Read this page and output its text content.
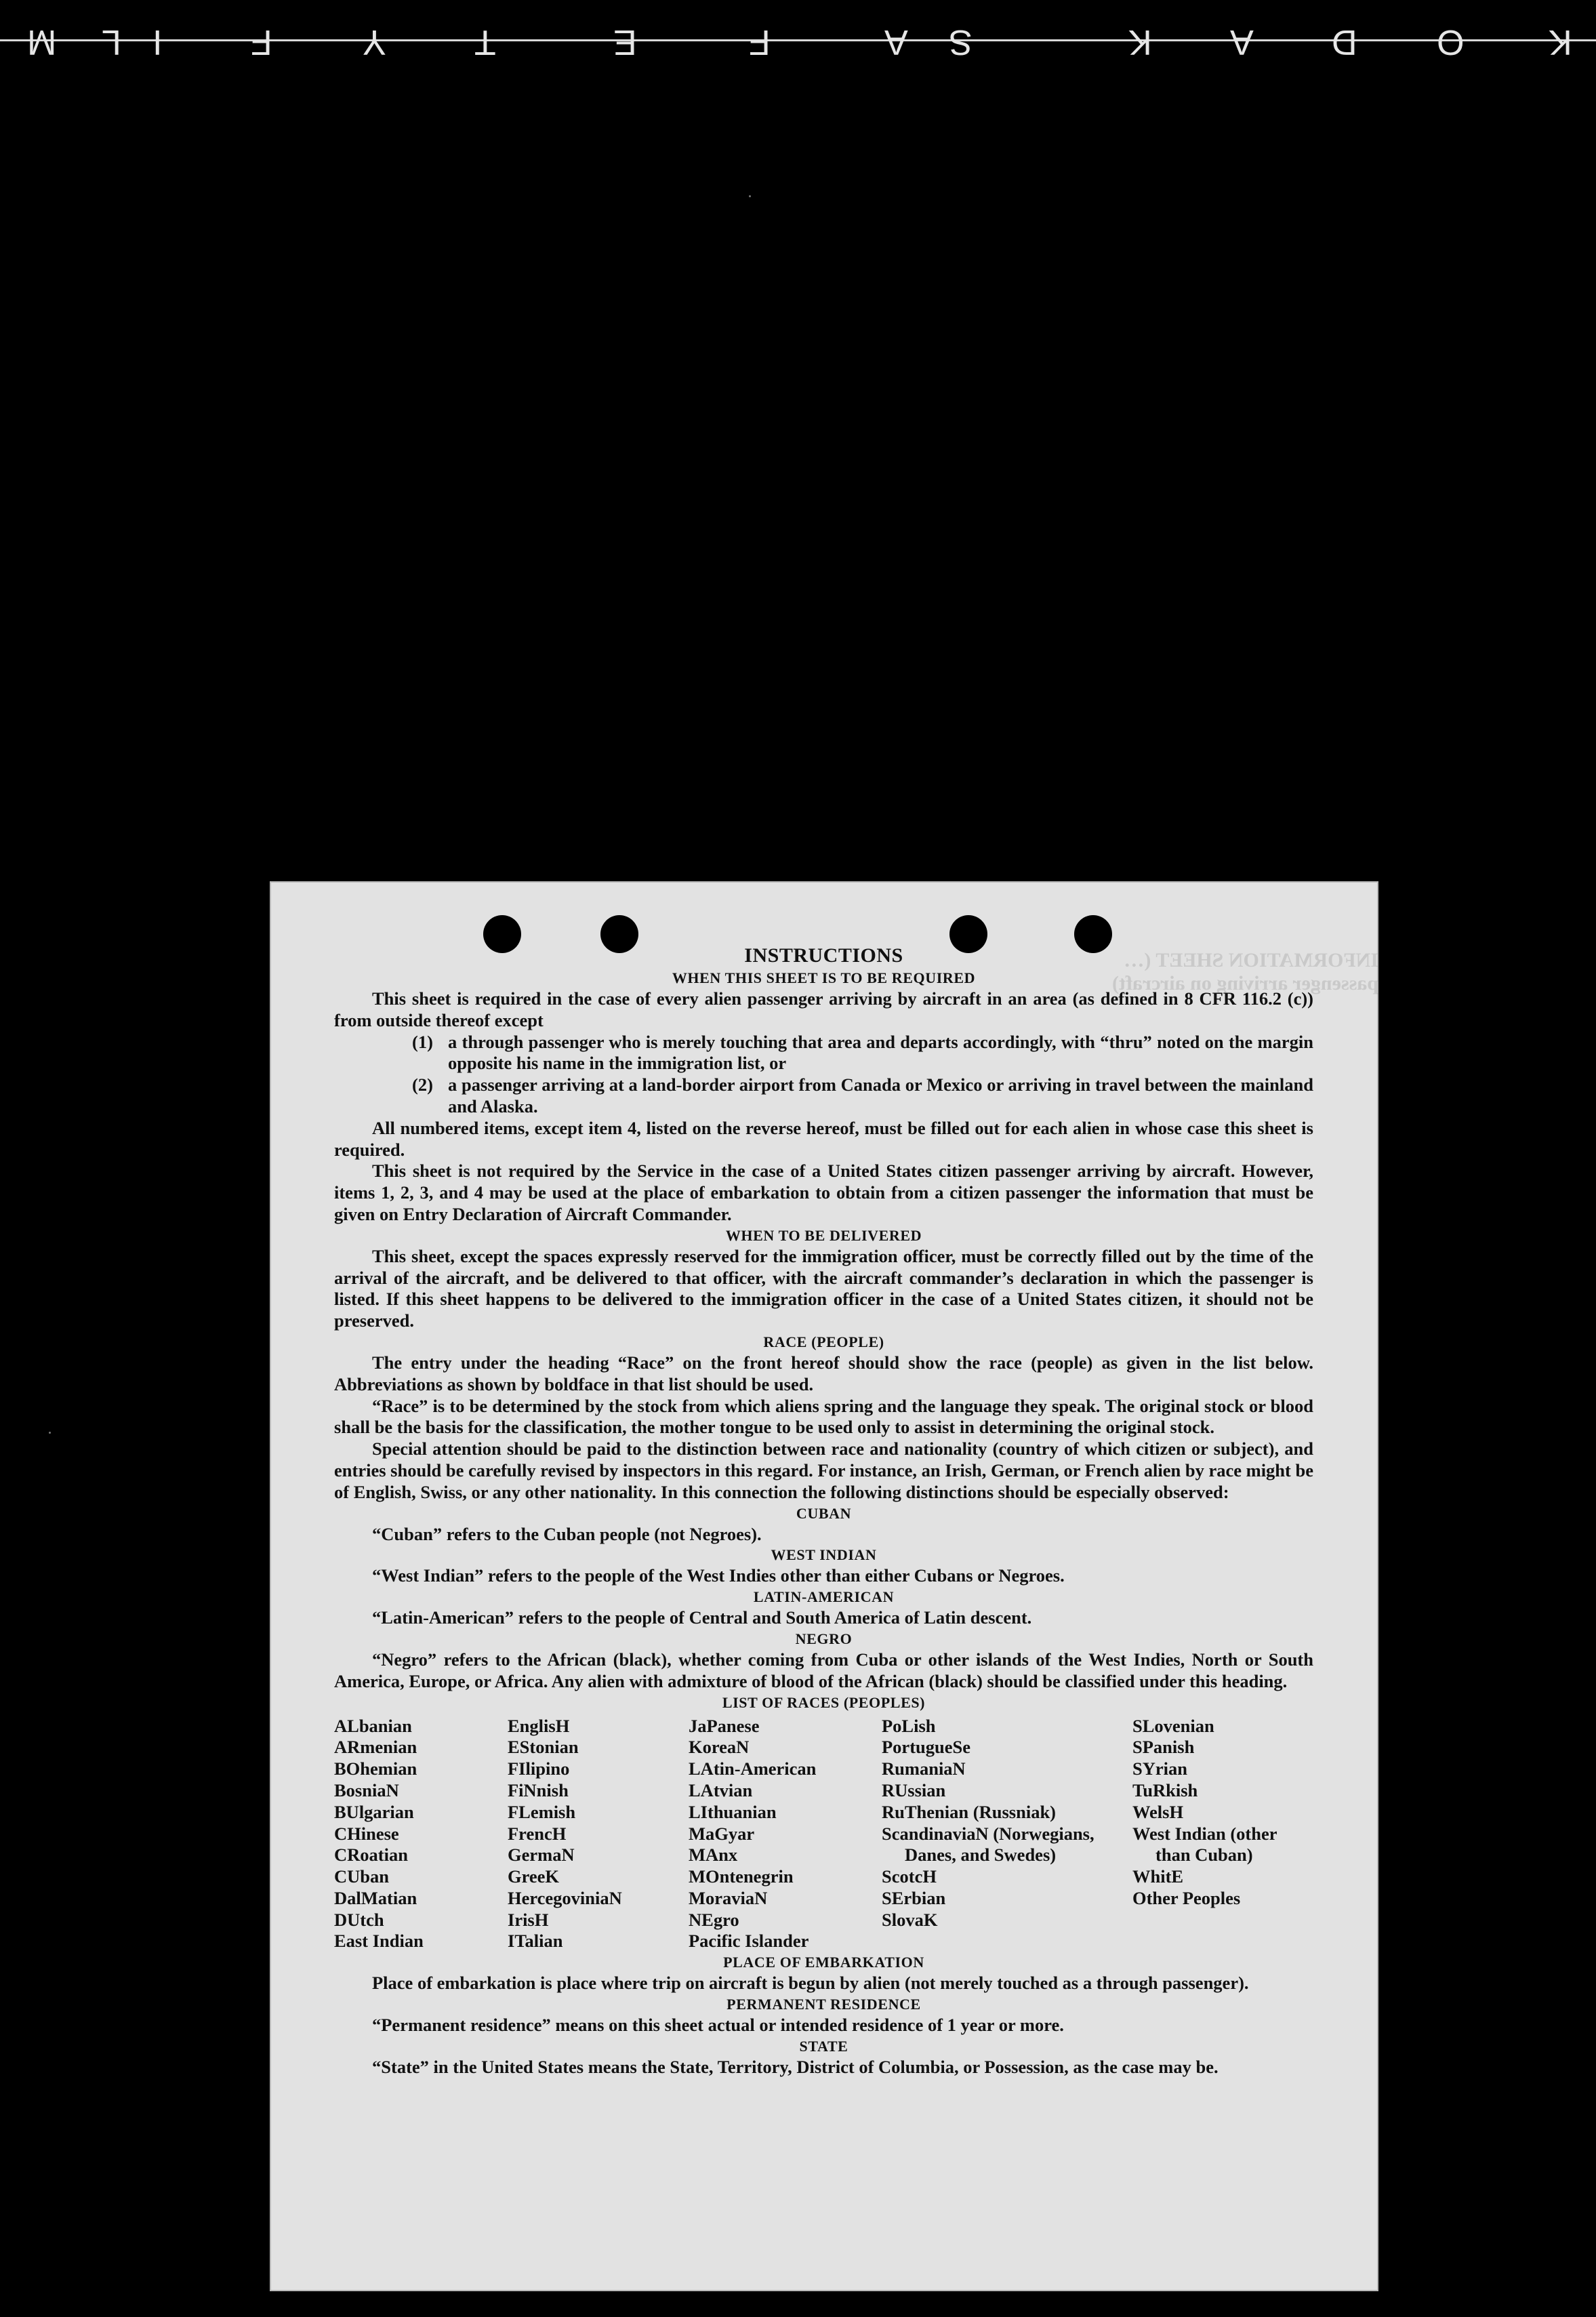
K
O
D
A
K
S
A
F
E
T
Y
F
I
L
M
INFORMATION SHEET (… passenger arriving on aircraft)

INSTRUCTIONS

WHEN THIS SHEET IS TO BE REQUIRED

This sheet is required in the case of every alien passenger arriving by aircraft in an area (as defined in 8 CFR 116.2 (c)) from outside thereof except

(1) a through passenger who is merely touching that area and departs accordingly, with “thru” noted on the margin opposite his name in the immigration list, or
(2) a passenger arriving at a land-border airport from Canada or Mexico or arriving in travel between the mainland and Alaska.

All numbered items, except item 4, listed on the reverse hereof, must be filled out for each alien in whose case this sheet is required.

This sheet is not required by the Service in the case of a United States citizen passenger arriving by aircraft. However, items 1, 2, 3, and 4 may be used at the place of embarkation to obtain from a citizen passenger the information that must be given on Entry Declaration of Aircraft Commander.

WHEN TO BE DELIVERED

This sheet, except the spaces expressly reserved for the immigration officer, must be correctly filled out by the time of the arrival of the aircraft, and be delivered to that officer, with the aircraft commander’s declaration in which the passenger is listed. If this sheet happens to be delivered to the immigration officer in the case of a United States citizen, it should not be preserved.

RACE (PEOPLE)

The entry under the heading “Race” on the front hereof should show the race (people) as given in the list below. Abbreviations as shown by boldface in that list should be used.

“Race” is to be determined by the stock from which aliens spring and the language they speak. The original stock or blood shall be the basis for the classification, the mother tongue to be used only to assist in determining the original stock.

Special attention should be paid to the distinction between race and nationality (country of which citizen or subject), and entries should be carefully revised by inspectors in this regard. For instance, an Irish, German, or French alien by race might be of English, Swiss, or any other nationality. In this connection the following distinctions should be especially observed:

CUBAN

“Cuban” refers to the Cuban people (not Negroes).

WEST INDIAN

“West Indian” refers to the people of the West Indies other than either Cubans or Negroes.

LATIN-AMERICAN

“Latin-American” refers to the people of Central and South America of Latin descent.

NEGRO

“Negro” refers to the African (black), whether coming from Cuba or other islands of the West Indies, North or South America, Europe, or Africa. Any alien with admixture of blood of the African (black) should be classified under this heading.

LIST OF RACES (PEOPLES)

ALbanian
ARmenian
BOhemian
BosniaN
BUlgarian
CHinese
CRoatian
CUban
DalMatian
DUtch
East Indian
EnglisH
EStonian
FIlipino
FiNnish
FLemish
FrencH
GermaN
GreeK
HercegoviniaN
IrisH
ITalian
JaPanese
KoreaN
LAtin-American
LAtvian
LIthuanian
MaGyar
MAnx
MOntenegrin
MoraviaN
NEgro
Pacific Islander
PoLish
PortugueSe
RumaniaN
RUssian
RuThenian (Russniak)
ScandinaviaN (Norwegians, Danes, and Swedes)
ScotcH
SErbian
SlovaK
SLovenian
SPanish
SYrian
TuRkish
WelsH
West Indian (other than Cuban)
WhitE
Other Peoples

PLACE OF EMBARKATION

Place of embarkation is place where trip on aircraft is begun by alien (not merely touched as a through passenger).

PERMANENT RESIDENCE

“Permanent residence” means on this sheet actual or intended residence of 1 year or more.

STATE

“State” in the United States means the State, Territory, District of Columbia, or Possession, as the case may be.
